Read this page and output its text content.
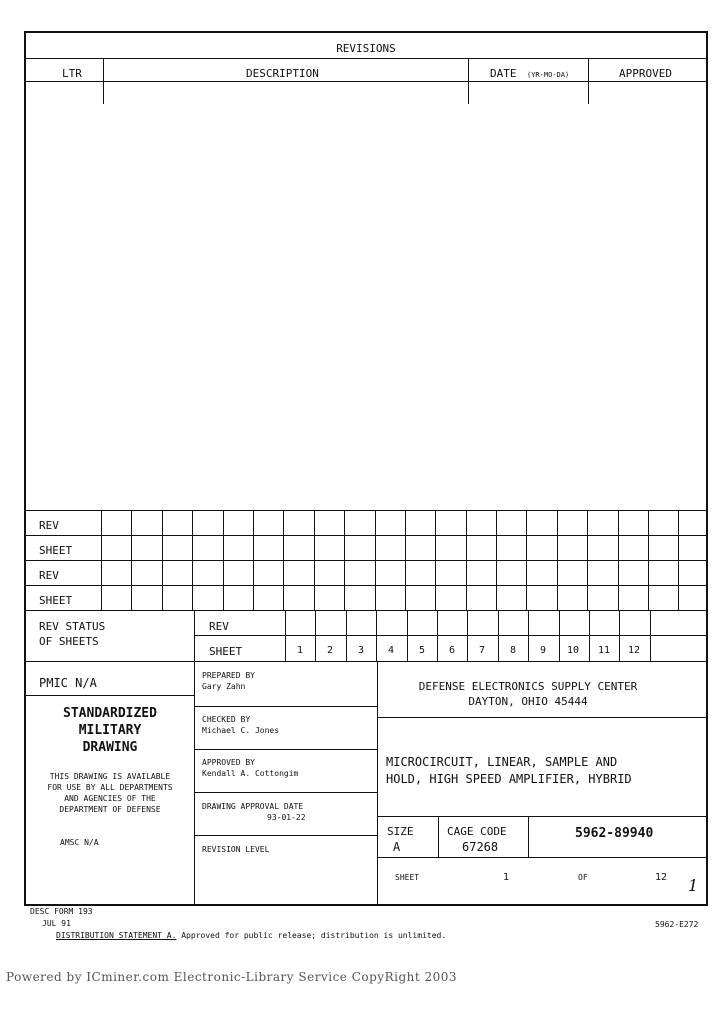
REVISIONS
LTR	DESCRIPTION	DATE (YR-MO-DA)	APPROVED
REV
SHEET
REV
SHEET
REV STATUS
OF SHEETS
REV
SHEET	1	2	3	4	5	6	7	8	9	10	11	12
PMIC N/A
STANDARDIZED
MILITARY
DRAWING
THIS DRAWING IS AVAILABLE
FOR USE BY ALL DEPARTMENTS
AND AGENCIES OF THE
DEPARTMENT OF DEFENSE
AMSC N/A
PREPARED BY
Gary Zahn
CHECKED BY
Michael C. Jones
APPROVED BY
Kendall A. Cottongim
DRAWING APPROVAL DATE
93-01-22
REVISION LEVEL
DEFENSE ELECTRONICS SUPPLY CENTER
DAYTON, OHIO 45444
MICROCIRCUIT, LINEAR, SAMPLE AND
HOLD, HIGH SPEED AMPLIFIER, HYBRID
SIZE
A
CAGE CODE
67268
5962-89940
SHEET	1	OF	12 1
DESC FORM 193
JUL 91
DISTRIBUTION STATEMENT A. Approved for public release; distribution is unlimited.
5962-E272
Powered by ICminer.com Electronic-Library Service CopyRight 2003
